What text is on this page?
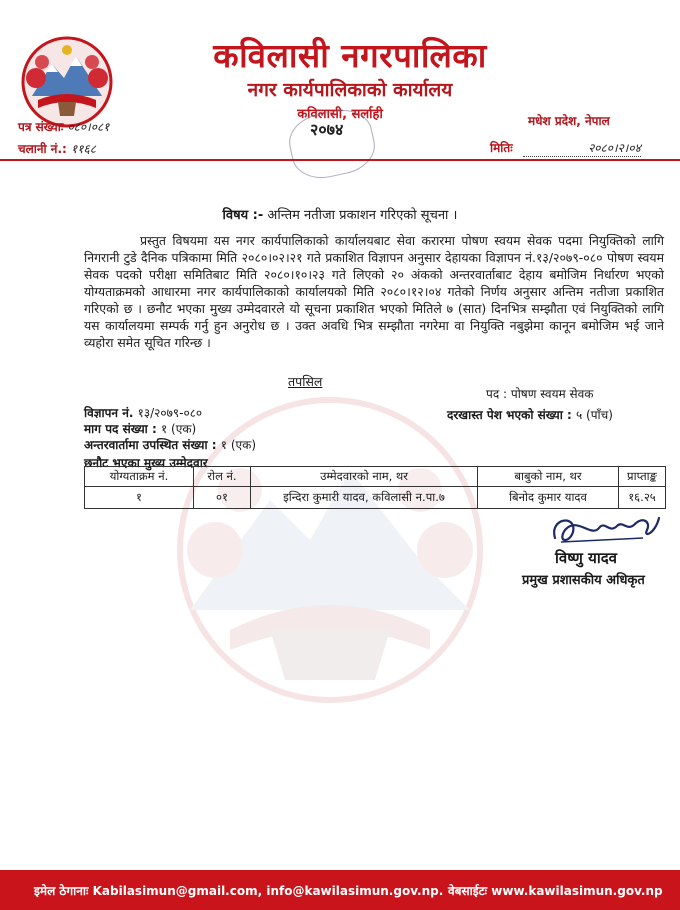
कविलासी नगरपालिका
नगर कार्यपालिकाको कार्यालय
कविलासी, सर्लाही
२०७४
पत्र संख्याः ०८०।०८१
चलानी नं.: ११६८
मधेश प्रदेश, नेपाल
मितिः	२०८०।२।०४
विषय :- अन्तिम नतीजा प्रकाशन गरिएको सूचना ।
प्रस्तुत विषयमा यस नगर कार्यपालिकाको कार्यालयबाट सेवा करारमा पोषण स्वयम सेवक पदमा नियुक्तिको लागि निगरानी टुडे दैनिक पत्रिकामा मिति २०८०।०२।२१ गते प्रकाशित विज्ञापन अनुसार देहायका विज्ञापन नं.१३/२०७९-०८० पोषण स्वयम सेवक पदको परीक्षा समितिबाट मिति २०८०।१०।२३ गते लिएको २० अंकको अन्तरवार्ताबाट देहाय बमोजिम निर्धारण भएको योग्यताक्रमको आधारमा नगर कार्यपालिकाको कार्यालयको मिति २०८०।१२।०४ गतेको निर्णय अनुसार अन्तिम नतीजा प्रकाशित गरिएको छ । छनौट भएका मुख्य उम्मेदवारले यो सूचना प्रकाशित भएको मितिले ७ (सात) दिनभित्र सम्झौता एवं नियुक्तिको लागि यस कार्यालयमा सम्पर्क गर्नु हुन अनुरोध छ । उक्त अवधि भित्र सम्झौता नगरेमा वा नियुक्ति नबुझेमा कानून बमोजिम भई जाने व्यहोरा समेत सूचित गरिन्छ ।
तपसिल
पद : पोषण स्वयम सेवक
विज्ञापन नं. १३/२०७९-०८०	दरखास्त पेश भएको संख्या : ५ (पाँच)
माग पद संख्या : १ (एक)
अन्तरवार्तामा उपस्थित संख्या : १ (एक)
छनौट भएका मुख्य उम्मेदवार
योग्यताक्रम नं.	रोल नं.	उम्मेदवारको नाम, थर	बाबुको नाम, थर	प्राप्ताङ्क
१	०१	इन्दिरा कुमारी यादव, कविलासी न.पा.७	बिनोद कुमार यादव	१६.२५
विष्णु यादव
प्रमुख प्रशासकीय अधिकृत
इमेल ठेगानाः Kabilasimun@gmail.com, info@kawilasimun.gov.np. वेबसाईटः www.kawilasimun.gov.np
